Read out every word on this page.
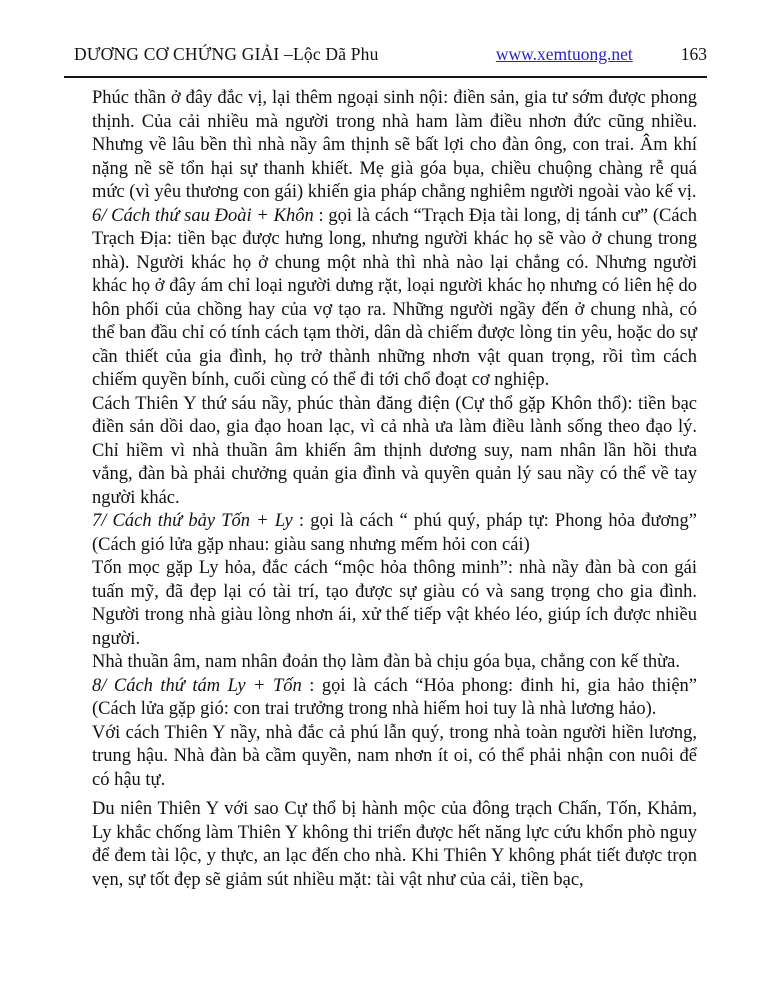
DƯƠNG CƠ CHỨNG GIẢI –Lộc Dã Phu	www.xemtuong.net	163

Phúc thần ở đây đắc vị, lại thêm ngoại sinh nội: điền sản, gia tư sớm được phong thịnh. Của cải nhiều mà người trong nhà ham làm điều nhơn đức cũng nhiều. Nhưng về lâu bền thì nhà nầy âm thịnh sẽ bất lợi cho đàn ông, con trai. Âm khí nặng nề sẽ tổn hại sự thanh khiết. Mẹ già góa bụa, chiều chuộng chàng rễ quá mức (vì yêu thương con gái) khiến gia pháp chẳng nghiêm người ngoài vào kế vị.

6/ Cách thứ sau Đoài + Khôn : gọi là cách “Trạch Địa tài long, dị tánh cư” (Cách Trạch Địa: tiền bạc được hưng long, nhưng người khác họ sẽ vào ở chung trong nhà). Người khác họ ở chung một nhà thì nhà nào lại chẳng có. Nhưng người khác họ ở đây ám chỉ loại người dưng rặt, loại người khác họ nhưng có liên hệ do hôn phối của chồng hay của vợ tạo ra. Những người ngầy đến ở chung nhà, có thể ban đầu chỉ có tính cách tạm thời, dân dà chiếm được lòng tin yêu, hoặc do sự cần thiết của gia đình, họ trở thành những nhơn vật quan trọng, rồi tìm cách chiếm quyền bính, cuối cùng có thể đi tới chổ đoạt cơ nghiệp.

Cách Thiên Y thứ sáu nầy, phúc thàn đăng điện (Cự thổ gặp Khôn thổ): tiền bạc điền sản dồi dao, gia đạo hoan lạc, vì cả nhà ưa làm điều lành sống theo đạo lý. Chỉ hiềm vì nhà thuần âm khiến âm thịnh dương suy, nam nhân lần hồi thưa vắng, đàn bà phải chưởng quản gia đình và quyền quản lý sau nầy có thể về tay người khác.

7/ Cách thứ bảy Tốn + Ly : gọi là cách “ phú quý, pháp tự: Phong hỏa đương” (Cách gió lửa gặp nhau: giàu sang nhưng mếm hỏi con cái)

Tốn mọc gặp Ly hỏa, đắc cách “mộc hỏa thông minh”: nhà nầy đàn bà con gái tuấn mỹ, đã đẹp lại có tài trí, tạo được sự giàu có và sang trọng cho gia đình. Người trong nhà giàu lòng nhơn ái, xử thế tiếp vật khéo léo, giúp ích được nhiều người.

Nhà thuần âm, nam nhân đoản thọ làm đàn bà chịu góa bụa, chẳng con kế thừa.

8/ Cách thứ tám Ly + Tốn : gọi là cách “Hỏa phong: đinh hi, gia hảo thiện” (Cách lửa gặp gió: con trai trưởng trong nhà hiếm hoi tuy là nhà lương hảo).

Với cách Thiên Y nầy, nhà đắc cả phú lẫn quý, trong nhà toàn người hiền lương, trung hậu. Nhà đàn bà cầm quyền, nam nhơn ít oi, có thể phải nhận con nuôi để có hậu tự.

Du niên Thiên Y với sao Cự thổ bị hành mộc của đông trạch Chấn, Tốn, Khảm, Ly khắc chống làm Thiên Y không thi triển được hết năng lực cứu khổn phò nguy để đem tài lộc, y thực, an lạc đến cho nhà. Khi Thiên Y không phát tiết được trọn vẹn, sự tốt đẹp sẽ giảm sút nhiều mặt: tài vật như của cải, tiền bạc,
